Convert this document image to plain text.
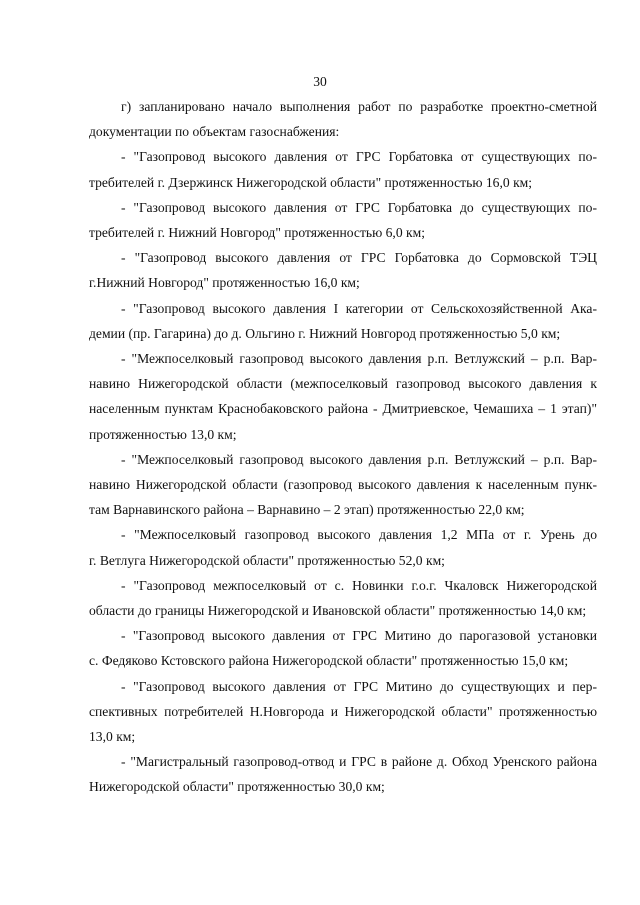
30
г) запланировано начало выполнения работ по разработке проектно-сметной
документации по объектам газоснабжения:
- "Газопровод высокого давления от ГРС Горбатовка от существующих по-
требителей г. Дзержинск Нижегородской области" протяженностью 16,0 км;
- "Газопровод высокого давления от ГРС Горбатовка до существующих по-
требителей г. Нижний Новгород" протяженностью 6,0 км;
- "Газопровод высокого давления от ГРС Горбатовка до Сормовской ТЭЦ
г.Нижний Новгород" протяженностью 16,0 км;
- "Газопровод высокого давления I категории от Сельскохозяйственной Ака-
демии (пр. Гагарина) до д. Ольгино г. Нижний Новгород протяженностью 5,0 км;
- "Межпоселковый газопровод высокого давления р.п. Ветлужский – р.п. Вар-
навино Нижегородской области (межпоселковый газопровод высокого давления к
населенным пунктам Краснобаковского района - Дмитриевское, Чемашиха – 1 этап)"
протяженностью 13,0 км;
- "Межпоселковый газопровод высокого давления р.п. Ветлужский – р.п. Вар-
навино Нижегородской области (газопровод высокого давления к населенным пунк-
там Варнавинского района – Варнавино – 2 этап) протяженностью 22,0 км;
- "Межпоселковый газопровод высокого давления 1,2 МПа от г. Урень до
г. Ветлуга Нижегородской области" протяженностью 52,0 км;
- "Газопровод межпоселковый от с. Новинки г.о.г. Чкаловск Нижегородской
области до границы Нижегородской и Ивановской области" протяженностью 14,0 км;
- "Газопровод высокого давления от ГРС Митино до парогазовой установки
с. Федяково Кстовского района Нижегородской области" протяженностью 15,0 км;
- "Газопровод высокого давления от ГРС Митино до существующих и пер-
спективных потребителей Н.Новгорода и Нижегородской области" протяженностью
13,0 км;
- "Магистральный газопровод-отвод и ГРС в районе д. Обход Уренского района
Нижегородской области" протяженностью 30,0 км;
